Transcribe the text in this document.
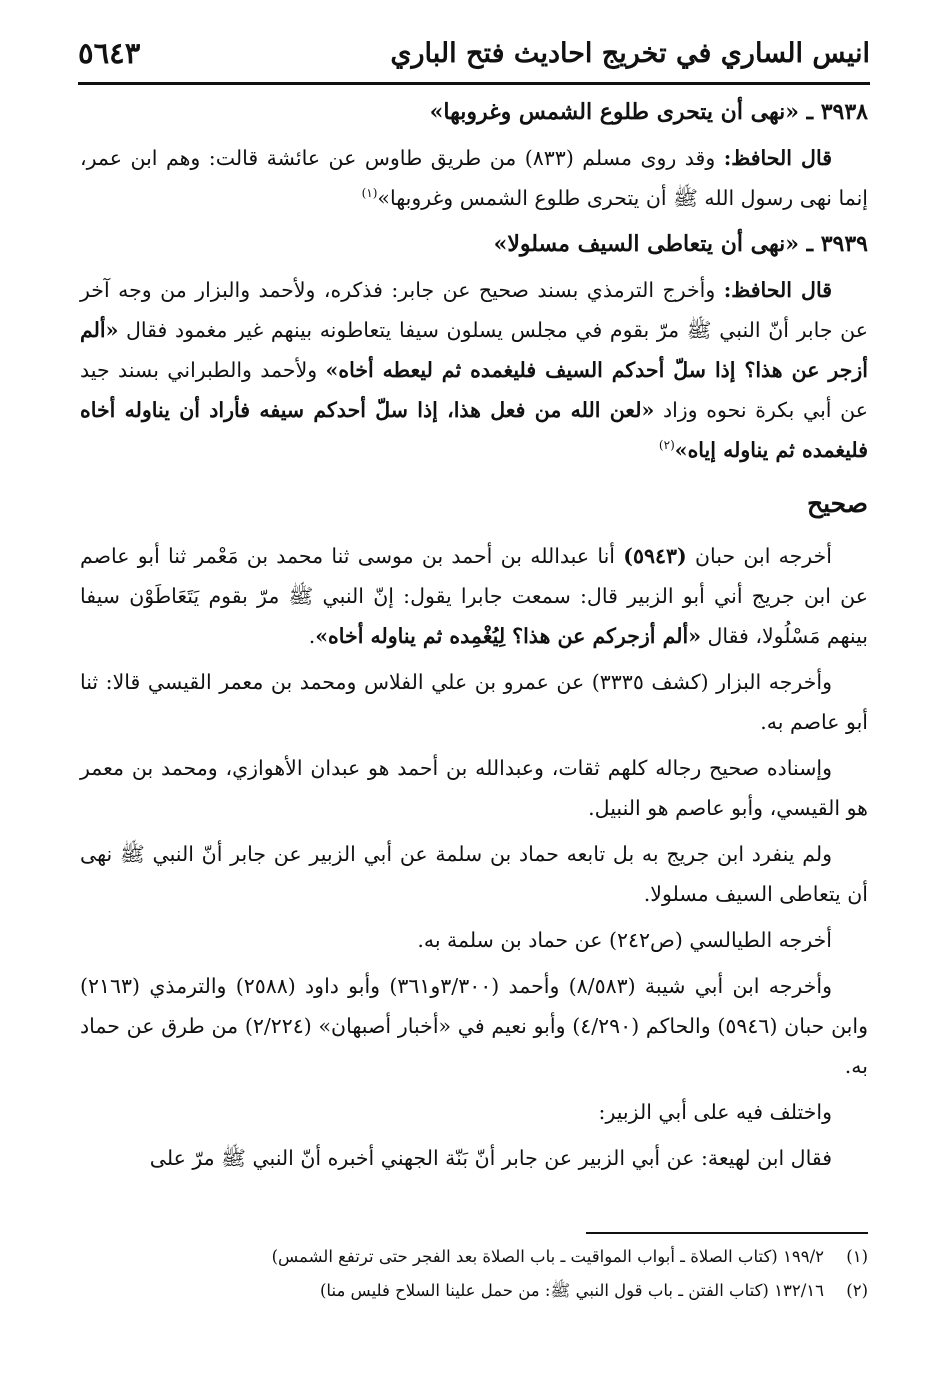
انيس الساري في تخريج احاديث فتح الباري
٥٦٤٣

٣٩٣٨ ـ «نهى أن يتحرى طلوع الشمس وغروبها»

قال الحافظ: وقد روى مسلم (٨٣٣) من طريق طاوس عن عائشة قالت: وهم ابن عمر، إنما نهى رسول الله ﷺ أن يتحرى طلوع الشمس وغروبها»$^{(١)}$

٣٩٣٩ ـ «نهى أن يتعاطى السيف مسلولا»

قال الحافظ: وأخرج الترمذي بسند صحيح عن جابر: فذكره، ولأحمد والبزار من وجه آخر عن جابر أنّ النبي ﷺ مرّ بقوم في مجلس يسلون سيفا يتعاطونه بينهم غير مغمود فقال «ألم أزجر عن هذا؟ إذا سلّ أحدكم السيف فليغمده ثم ليعطه أخاه» ولأحمد والطبراني بسند جيد عن أبي بكرة نحوه وزاد «لعن الله من فعل هذا، إذا سلّ أحدكم سيفه فأراد أن يناوله أخاه فليغمده ثم يناوله إياه»$^{(٢)}$

صحيح

أخرجه ابن حبان (٥٩٤٣) أنا عبدالله بن أحمد بن موسى ثنا محمد بن مَعْمر ثنا أبو عاصم عن ابن جريج أني أبو الزبير قال: سمعت جابرا يقول: إنّ النبي ﷺ مرّ بقوم يَتَعَاطَوْن سيفا بينهم مَسْلُولا، فقال «ألم أزجركم عن هذا؟ لِيُغْمِده ثم يناوله أخاه».

وأخرجه البزار (كشف ٣٣٣٥) عن عمرو بن علي الفلاس ومحمد بن معمر القيسي قالا: ثنا أبو عاصم به.

وإسناده صحيح رجاله كلهم ثقات، وعبدالله بن أحمد هو عبدان الأهوازي، ومحمد بن معمر هو القيسي، وأبو عاصم هو النبيل.

ولم ينفرد ابن جريج به بل تابعه حماد بن سلمة عن أبي الزبير عن جابر أنّ النبي ﷺ نهى أن يتعاطى السيف مسلولا.

أخرجه الطيالسي (ص٢٤٢) عن حماد بن سلمة به.

وأخرجه ابن أبي شيبة (٨/٥٨٣) وأحمد (٣/٣٠٠و٣٦١) وأبو داود (٢٥٨٨) والترمذي (٢١٦٣) وابن حبان (٥٩٤٦) والحاكم (٤/٢٩٠) وأبو نعيم في «أخبار أصبهان» (٢/٢٢٤) من طرق عن حماد به.

واختلف فيه على أبي الزبير:

فقال ابن لهيعة: عن أبي الزبير عن جابر أنّ بَنّة الجهني أخبره أنّ النبي ﷺ مرّ على

(١)
١٩٩/٢ (كتاب الصلاة ـ أبواب المواقيت ـ باب الصلاة بعد الفجر حتى ترتفع الشمس)
(٢)
١٣٢/١٦ (كتاب الفتن ـ باب قول النبي ﷺ: من حمل علينا السلاح فليس منا)
